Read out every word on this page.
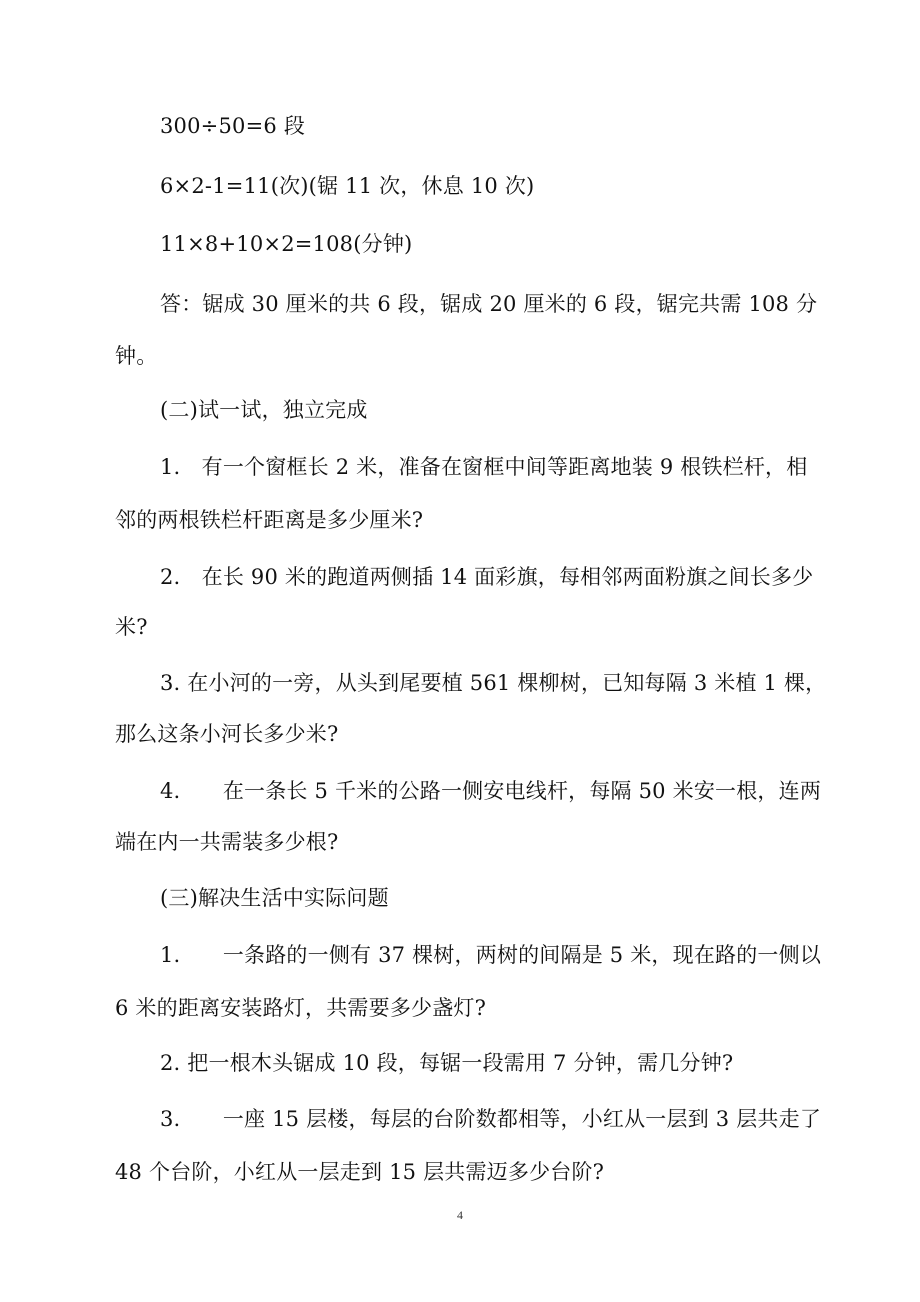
300÷50=6 段
6×2-1=11(次)(锯 11 次，休息 10 次)
11×8+10×2=108(分钟)
答：锯成 30 厘米的共 6 段，锯成 20 厘米的 6 段，锯完共需 108 分
钟。
(二)试一试，独立完成
1.　有一个窗框长 2 米，准备在窗框中间等距离地装 9 根铁栏杆，相
邻的两根铁栏杆距离是多少厘米?
2.　在长 90 米的跑道两侧插 14 面彩旗，每相邻两面粉旗之间长多少
米?
3. 在小河的一旁，从头到尾要植 561 棵柳树，已知每隔 3 米植 1 棵，
那么这条小河长多少米?
4.　　在一条长 5 千米的公路一侧安电线杆，每隔 50 米安一根，连两
端在内一共需装多少根?
(三)解决生活中实际问题
1.　　一条路的一侧有 37 棵树，两树的间隔是 5 米，现在路的一侧以
6 米的距离安装路灯，共需要多少盏灯?
2. 把一根木头锯成 10 段，每锯一段需用 7 分钟，需几分钟?
3.　　一座 15 层楼，每层的台阶数都相等，小红从一层到 3 层共走了
48 个台阶，小红从一层走到 15 层共需迈多少台阶?
4
